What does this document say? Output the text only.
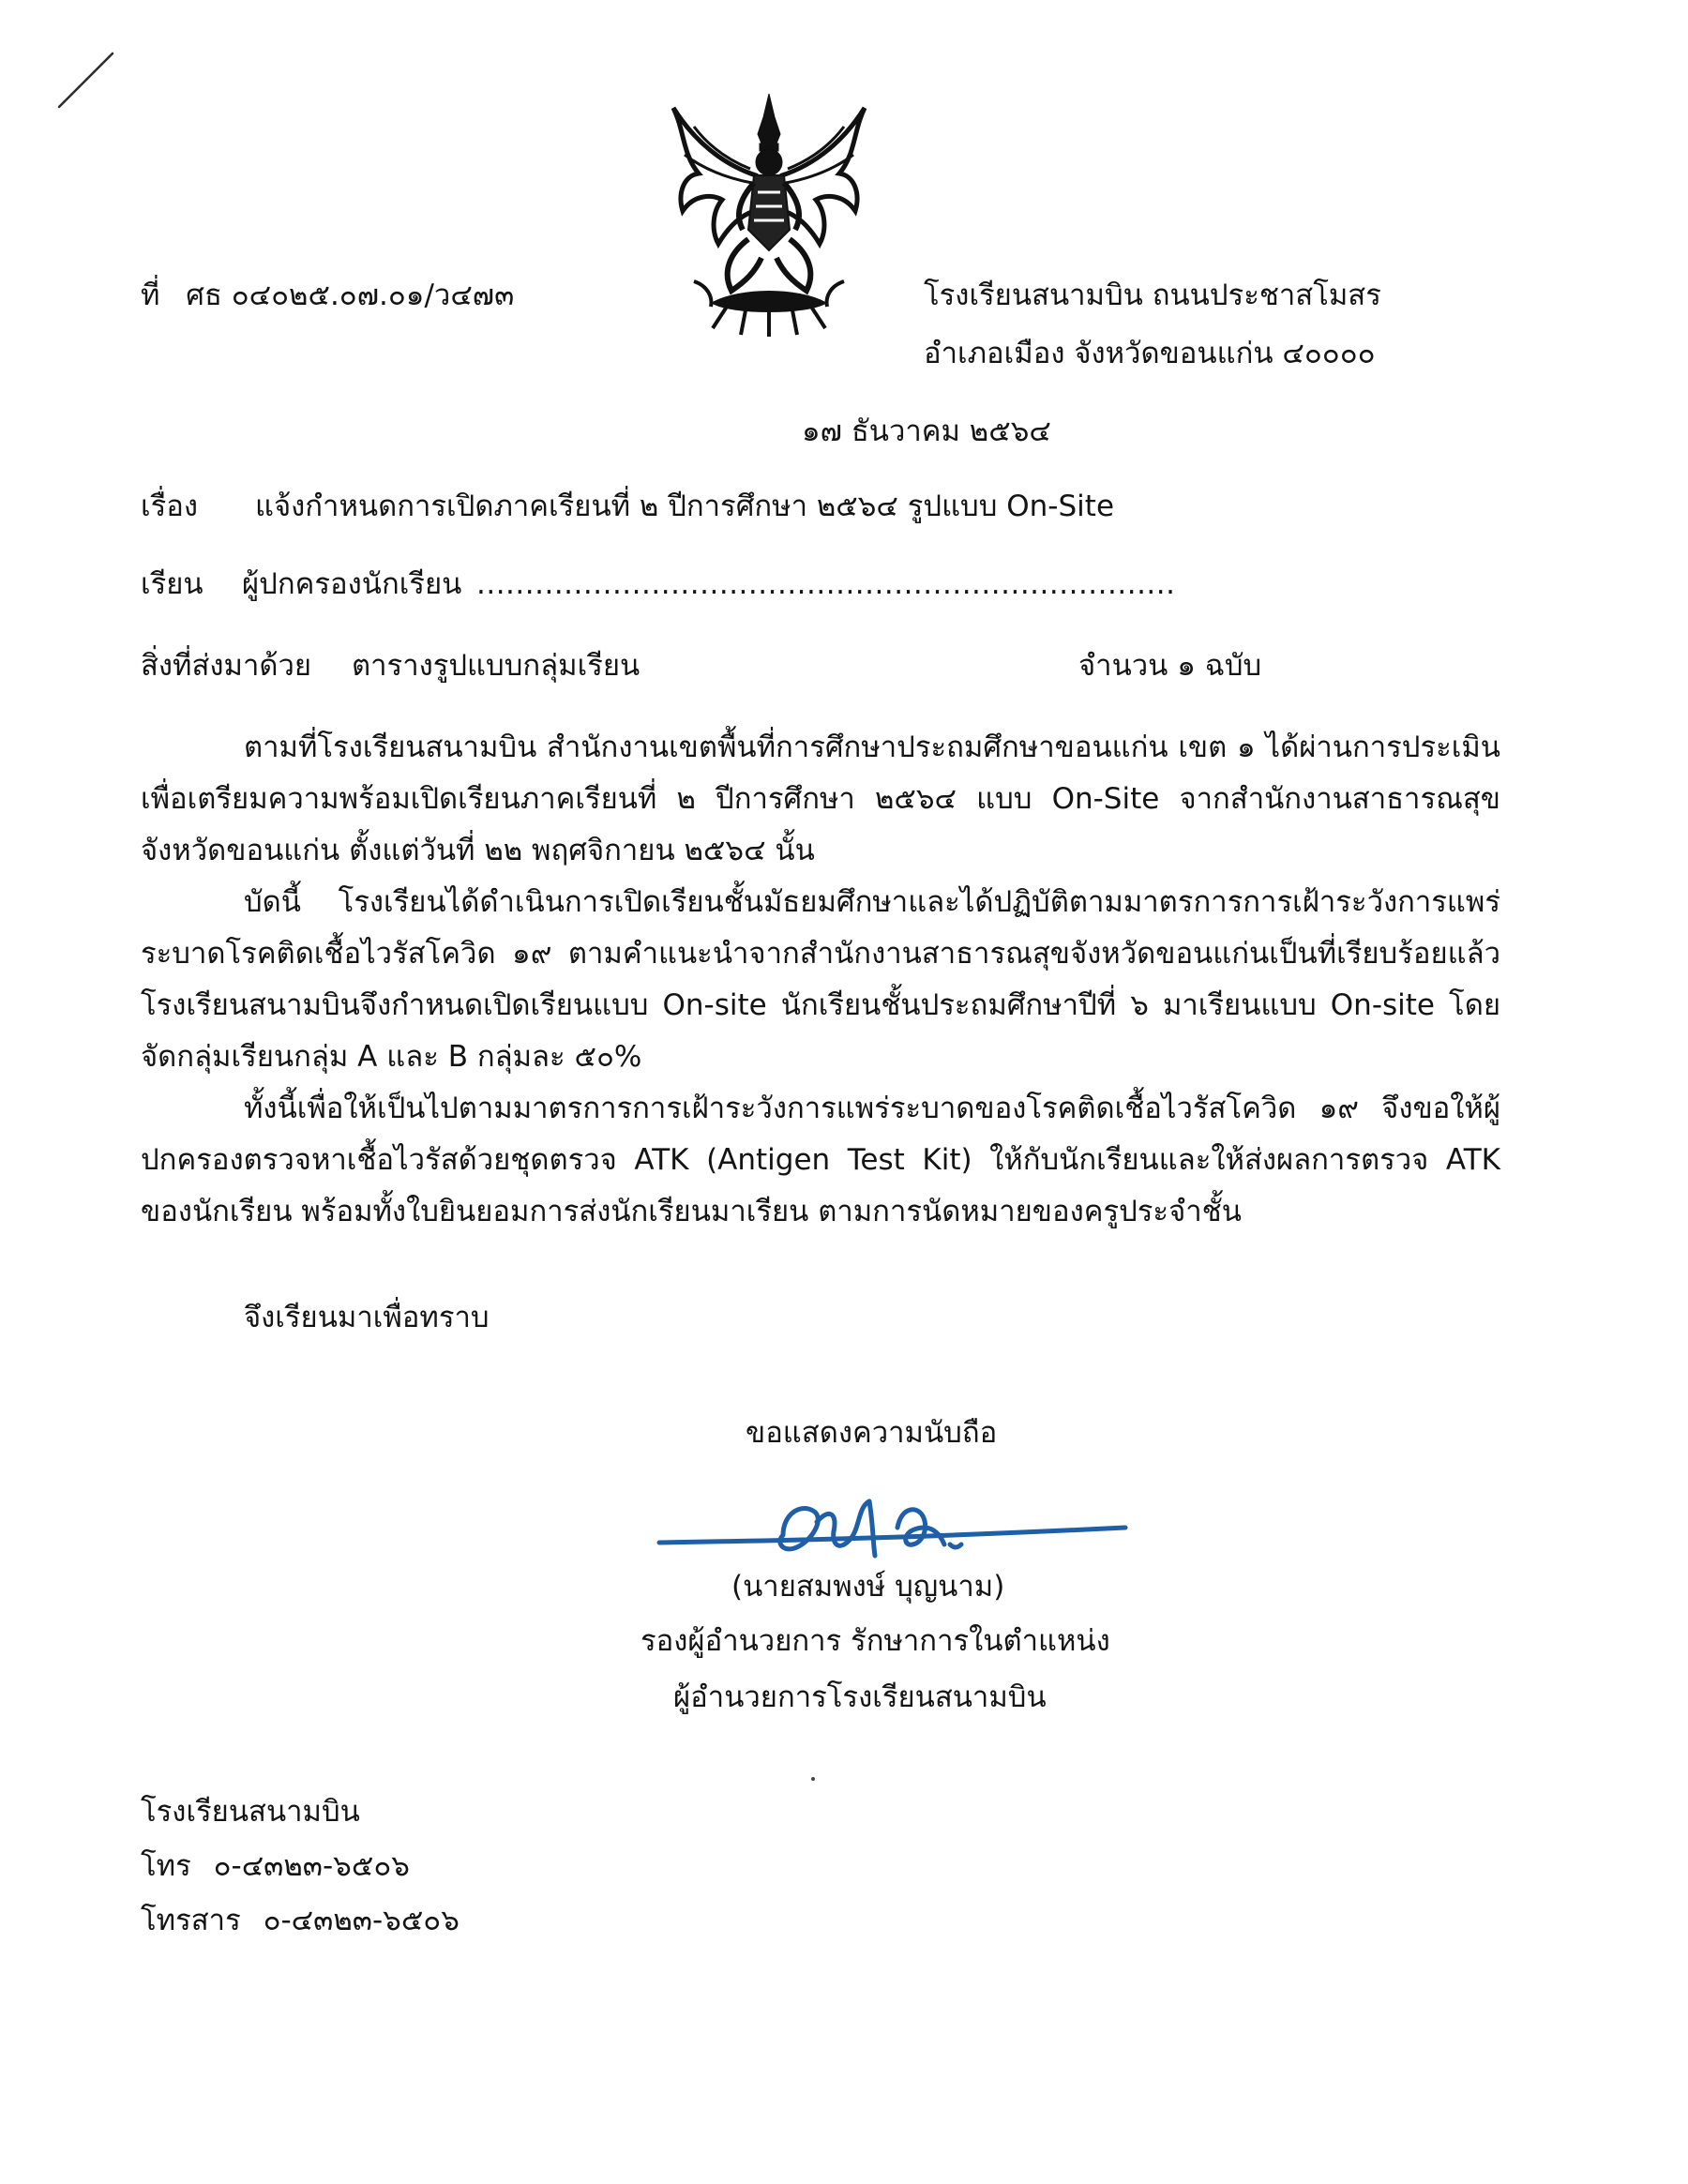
ที่ ศธ ๐๔๐๒๕.๐๗.๐๑/ว๔๗๓	โรงเรียนสนามบิน ถนนประชาสโมสร
อำเภอเมือง จังหวัดขอนแก่น ๔๐๐๐๐
๑๗ ธันวาคม ๒๕๖๔
เรื่อง แจ้งกำหนดการเปิดภาคเรียนที่ ๒ ปีการศึกษา ๒๕๖๔ รูปแบบ On-Site
เรียน ผู้ปกครองนักเรียน ........................................................................
สิ่งที่ส่งมาด้วย ตารางรูปแบบกลุ่มเรียน	จำนวน ๑ ฉบับ
ตามที่โรงเรียนสนามบิน สำนักงานเขตพื้นที่การศึกษาประถมศึกษาขอนแก่น เขต ๑ ได้ผ่านการประเมินเพื่อเตรียมความพร้อมเปิดเรียนภาคเรียนที่ ๒ ปีการศึกษา ๒๕๖๔ แบบ On-Site จากสำนักงานสาธารณสุขจังหวัดขอนแก่น ตั้งแต่วันที่ ๒๒ พฤศจิกายน ๒๕๖๔ นั้น
บัดนี้ โรงเรียนได้ดำเนินการเปิดเรียนชั้นมัธยมศึกษาและได้ปฏิบัติตามมาตรการการเฝ้าระวังการแพร่ระบาดโรคติดเชื้อไวรัสโควิด ๑๙ ตามคำแนะนำจากสำนักงานสาธารณสุขจังหวัดขอนแก่นเป็นที่เรียบร้อยแล้ว โรงเรียนสนามบินจึงกำหนดเปิดเรียนแบบ On-site นักเรียนชั้นประถมศึกษาปีที่ ๖ มาเรียนแบบ On-site โดยจัดกลุ่มเรียนกลุ่ม A และ B กลุ่มละ ๕๐%
ทั้งนี้เพื่อให้เป็นไปตามมาตรการการเฝ้าระวังการแพร่ระบาดของโรคติดเชื้อไวรัสโควิด ๑๙ จึงขอให้ผู้ปกครองตรวจหาเชื้อไวรัสด้วยชุดตรวจ ATK (Antigen Test Kit) ให้กับนักเรียนและให้ส่งผลการตรวจ ATK ของนักเรียน พร้อมทั้งใบยินยอมการส่งนักเรียนมาเรียน ตามการนัดหมายของครูประจำชั้น
จึงเรียนมาเพื่อทราบ
ขอแสดงความนับถือ
(นายสมพงษ์ บุญนาม)
รองผู้อำนวยการ รักษาการในตำแหน่ง
ผู้อำนวยการโรงเรียนสนามบิน
โรงเรียนสนามบิน
โทร ๐-๔๓๒๓-๖๕๐๖
โทรสาร ๐-๔๓๒๓-๖๕๐๖
